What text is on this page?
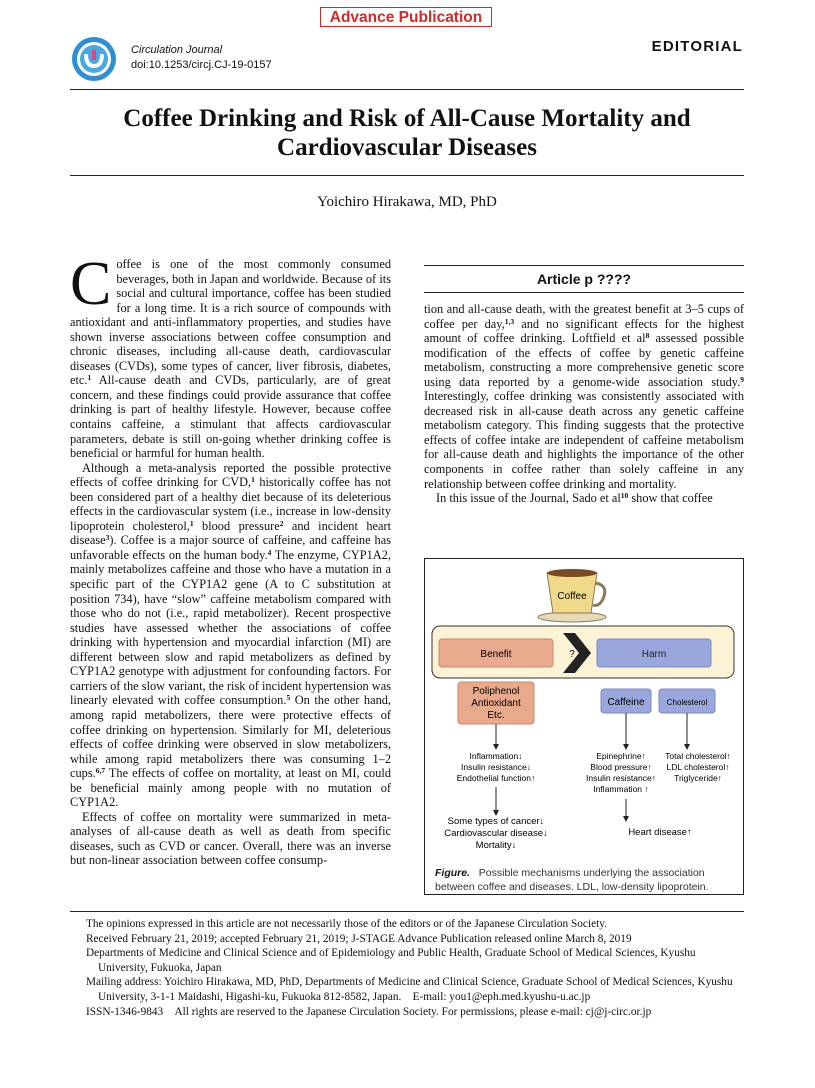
Advance Publication
Circulation Journal
doi:10.1253/circj.CJ-19-0157
EDITORIAL
Coffee Drinking and Risk of All-Cause Mortality and
Cardiovascular Diseases
Yoichiro Hirakawa, MD, PhD

Coffee is one of the most commonly consumed beverages, both in Japan and worldwide. Because of its social and cultural importance, coffee has been studied for a long time. It is a rich source of compounds with antioxidant and anti-inflammatory properties, and studies have shown inverse associations between coffee consumption and chronic diseases, including all-cause death, cardiovascular diseases (CVDs), some types of cancer, liver fibrosis, diabetes, etc.$^1$ All-cause death and CVDs, particularly, are of great concern, and these findings could provide assurance that coffee drinking is part of healthy lifestyle. However, because coffee contains caffeine, a stimulant that affects cardiovascular parameters, debate is still on-going whether drinking coffee is beneficial or harmful for human health.

Although a meta-analysis reported the possible protective effects of coffee drinking for CVD,$^1$ historically coffee has not been considered part of a healthy diet because of its deleterious effects in the cardiovascular system (i.e., increase in low-density lipoprotein cholesterol,$^1$ blood pressure$^2$ and incident heart disease$^3$). Coffee is a major source of caffeine, and caffeine has unfavorable effects on the human body.$^4$ The enzyme, CYP1A2, mainly metabolizes caffeine and those who have a mutation in a specific part of the CYP1A2 gene (A to C substitution at position 734), have “slow” caffeine metabolism compared with those who do not (i.e., rapid metabolizer). Recent prospective studies have assessed whether the associations of coffee drinking with hypertension and myocardial infarction (MI) are different between slow and rapid metabolizers as defined by CYP1A2 genotype with adjustment for confounding factors. For carriers of the slow variant, the risk of incident hypertension was linearly elevated with coffee consumption.$^5$ On the other hand, among rapid metabolizers, there were protective effects of coffee drinking on hypertension. Similarly for MI, deleterious effects of coffee drinking were observed in slow metabolizers, while among rapid metabolizers there was consuming 1–2 cups.$^{6,7}$ The effects of coffee on mortality, at least on MI, could be beneficial mainly among people with no mutation of CYP1A2.

Effects of coffee on mortality were summarized in meta-analyses of all-cause death as well as death from specific diseases, such as CVD or cancer. Overall, there was an inverse but non-linear association between coffee consump-

Article p ????

tion and all-cause death, with the greatest benefit at 3–5 cups of coffee per day,$^{1,3}$ and no significant effects for the highest amount of coffee drinking. Loftfield et $al^8$ assessed possible modification of the effects of coffee by genetic caffeine metabolism, constructing a more comprehensive genetic score using data reported by a genome-wide association study.$^9$ Interestingly, coffee drinking was consistently associated with decreased risk in all-cause death across any genetic caffeine metabolism category. This finding suggests that the protective effects of coffee intake are independent of caffeine metabolism for all-cause death and highlights the importance of the other components in coffee rather than solely caffeine in any relationship between coffee drinking and mortality.

In this issue of the Journal, Sado et $al^{10}$ show that coffee

Coffee
Benefit	?	Harm
Poliphenol
Antioxidant
Etc.
Caffeine	Cholesterol
Inflammation↓
Insulin resistance↓
Endothelial function↑
Epinephrine↑
Blood pressure↑
Insulin resistance↑
Inflammation ↑
Total cholesterol↑
LDL cholesterol↑
Triglyceride↑
Some types of cancer↓
Cardiovascular disease↓
Mortality↓
Heart disease↑
Figure. Possible mechanisms underlying the association between coffee and diseases. LDL, low-density lipoprotein.

The opinions expressed in this article are not necessarily those of the editors or of the Japanese Circulation Society.

Received February 21, 2019; accepted February 21, 2019; J-STAGE Advance Publication released online March 8, 2019

Departments of Medicine and Clinical Science and of Epidemiology and Public Health, Graduate School of Medical Sciences, Kyushu University, Fukuoka, Japan

Mailing address: Yoichiro Hirakawa, MD, PhD, Departments of Medicine and Clinical Science, Graduate School of Medical Sciences, Kyushu University, 3-1-1 Maidashi, Higashi-ku, Fukuoka 812-8582, Japan. E-mail: you1@eph.med.kyushu-u.ac.jp

ISSN-1346-9843 All rights are reserved to the Japanese Circulation Society. For permissions, please e-mail: cj@j-circ.or.jp
